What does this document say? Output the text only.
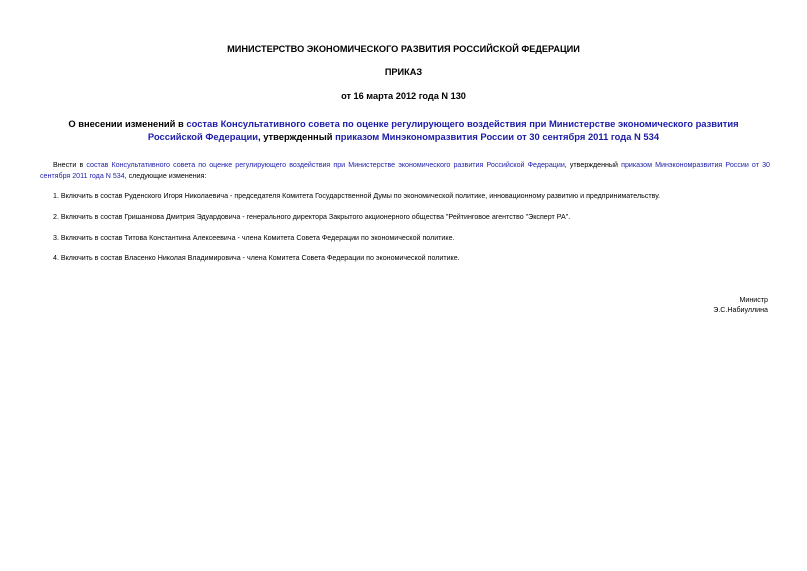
МИНИСТЕРСТВО ЭКОНОМИЧЕСКОГО РАЗВИТИЯ РОССИЙСКОЙ ФЕДЕРАЦИИ
ПРИКАЗ
от 16 марта 2012 года N 130
О внесении изменений в состав Консультативного совета по оценке регулирующего воздействия при Министерстве экономического развития Российской Федерации, утвержденный приказом Минэкономразвития России от 30 сентября 2011 года N 534
Внести в состав Консультативного совета по оценке регулирующего воздействия при Министерстве экономического развития Российской Федерации, утвержденный приказом Минэкономразвития России от 30 сентября 2011 года N 534, следующие изменения:
1. Включить в состав Руденского Игоря Николаевича - председателя Комитета Государственной Думы по экономической политике, инновационному развитию и предпринимательству.
2. Включить в состав Гришанкова Дмитрия Эдуардовича - генерального директора Закрытого акционерного общества "Рейтинговое агентство "Эксперт РА".
3. Включить в состав Титова Константина Алексеевича - члена Комитета Совета Федерации по экономической политике.
4. Включить в состав Власенко Николая Владимировича - члена Комитета Совета Федерации по экономической политике.
Министр
Э.С.Набиуллина
